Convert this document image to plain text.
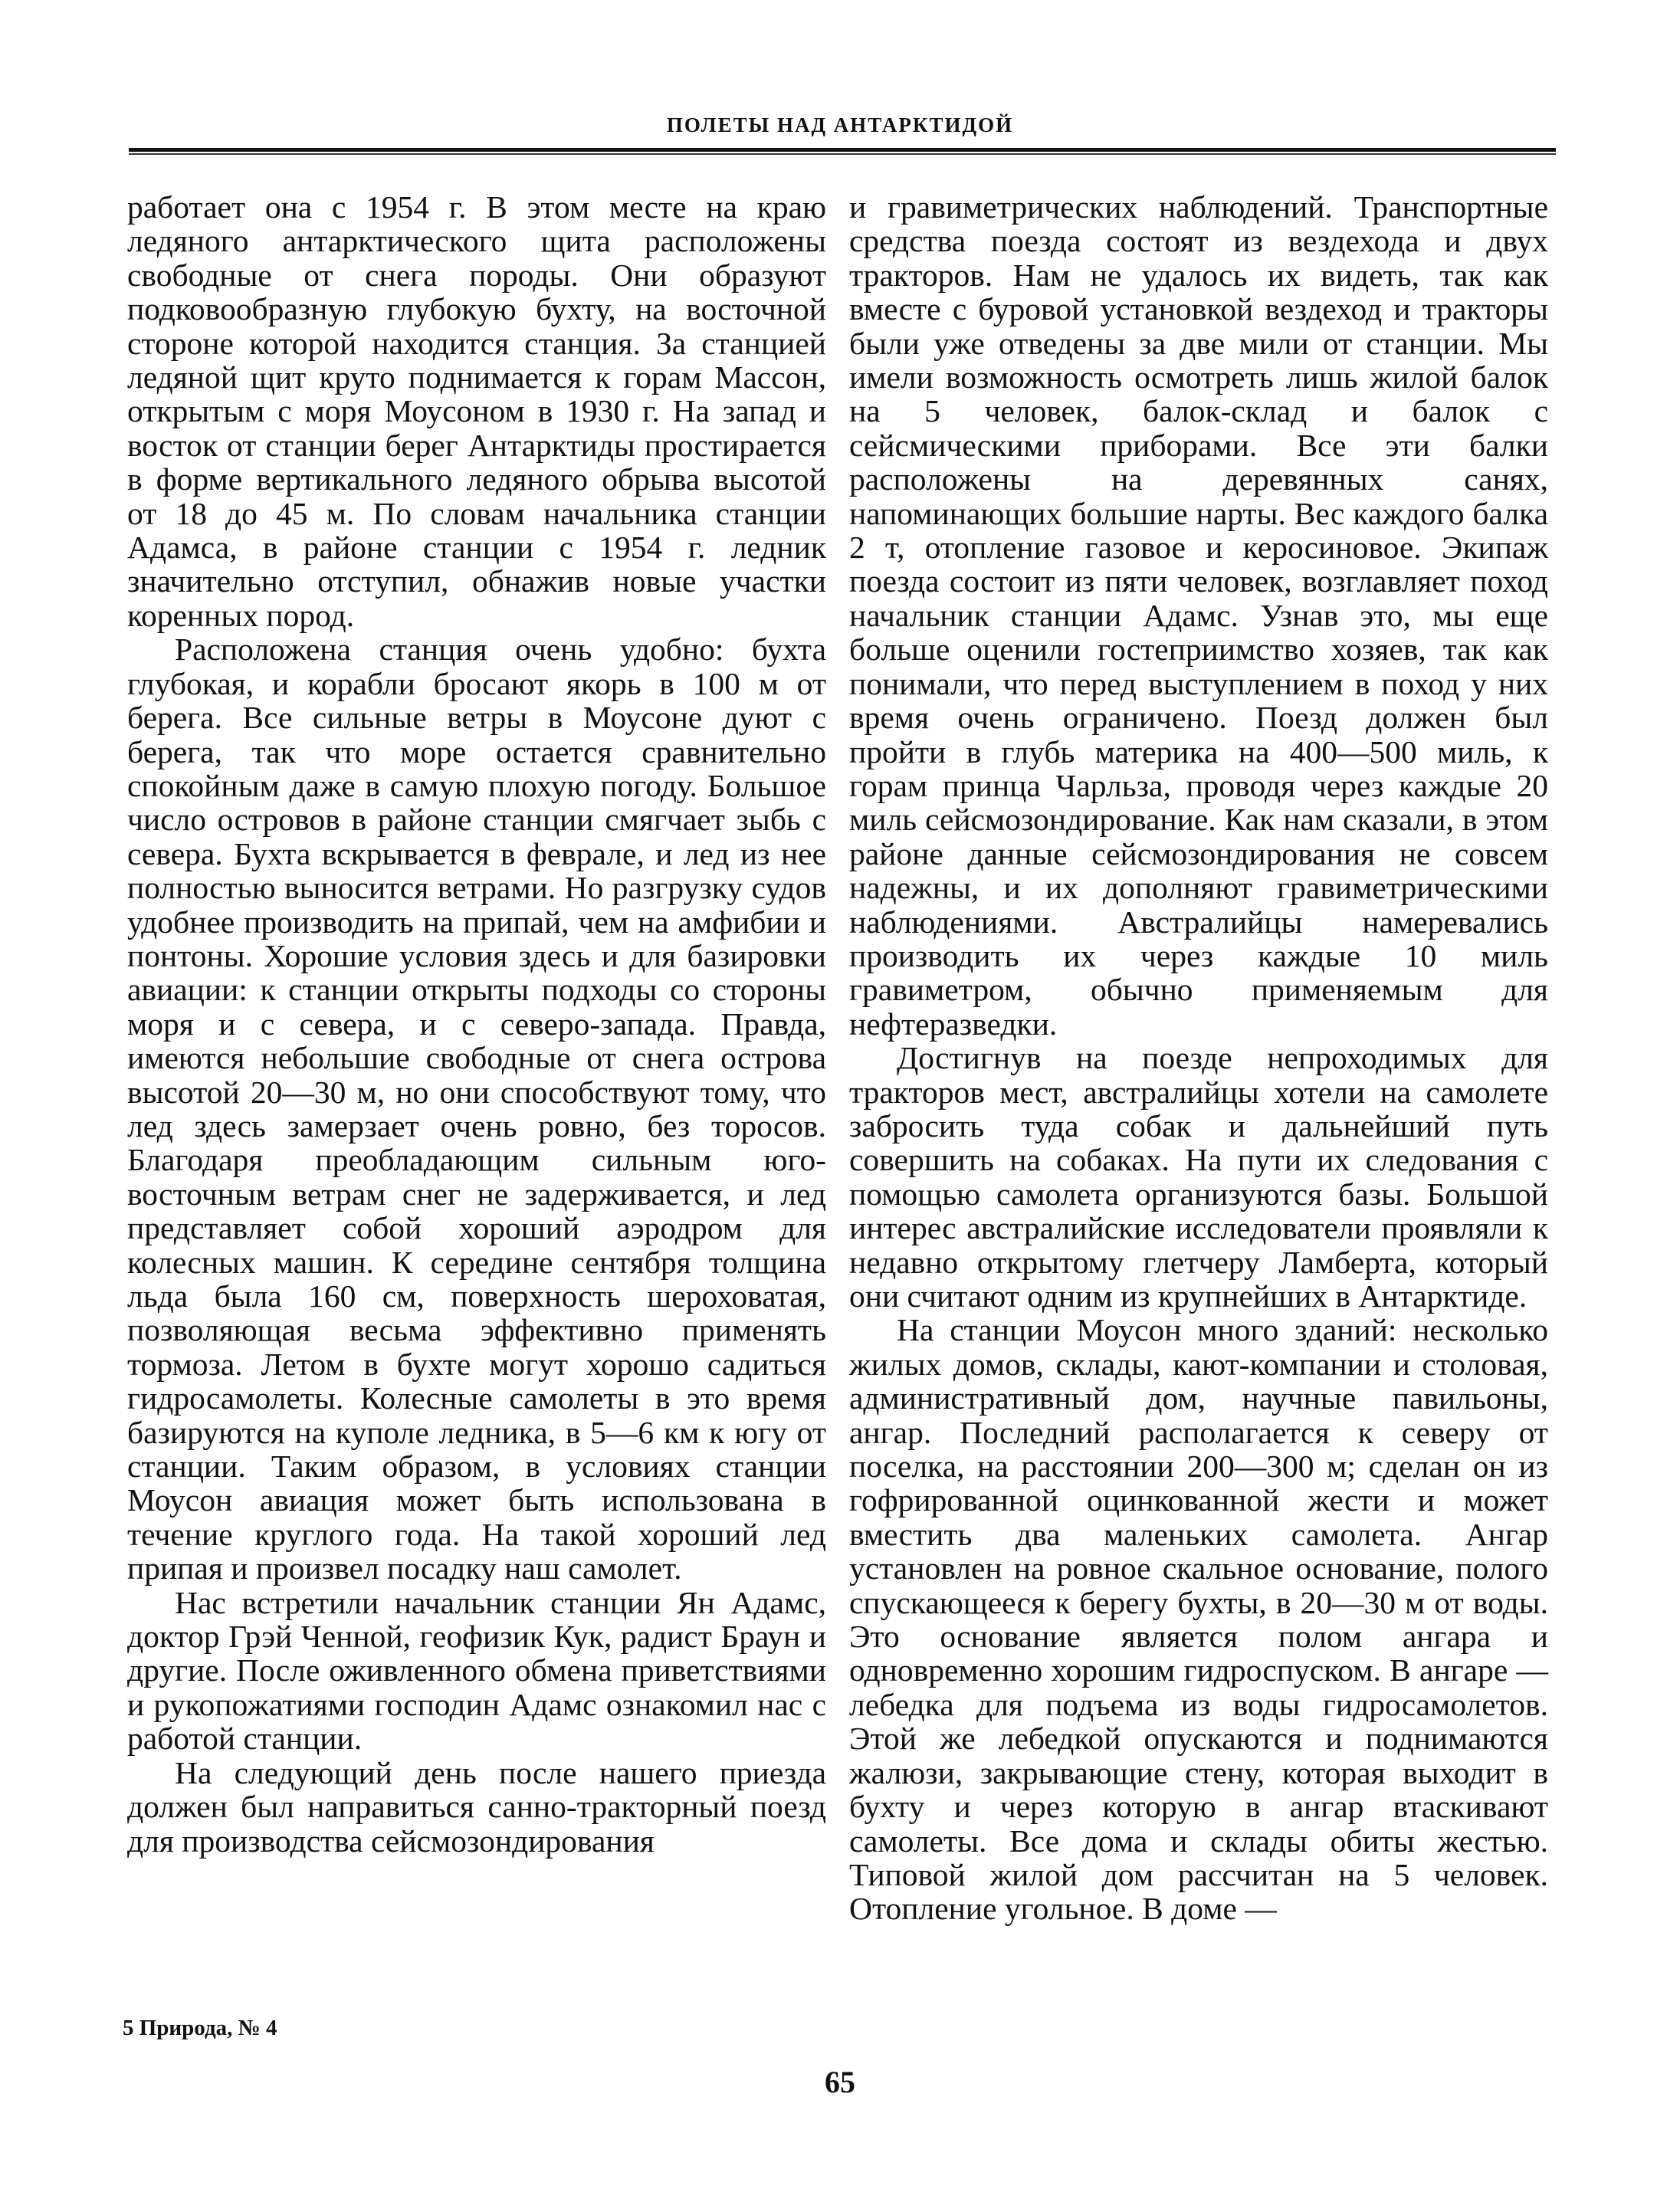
ПОЛЕТЫ НАД АНТАРКТИДОЙ

работает она с 1954 г. В этом месте на краю ледяного антарктического щита расположены свободные от снега породы. Они образуют подковообразную глубокую бухту, на восточной стороне которой находится станция. За станцией ледяной щит круто поднимается к горам Массон, открытым с моря Моусоном в 1930 г. На запад и восток от станции берег Антарктиды простирается в форме вертикального ледяного обрыва высотой от 18 до 45 м. По словам начальника станции Адамса, в районе станции с 1954 г. ледник значительно отступил, обнажив новые участки коренных пород.

Расположена станция очень удобно: бухта глубокая, и корабли бросают якорь в 100 м от берега. Все сильные ветры в Моусоне дуют с берега, так что море остается сравнительно спокойным даже в самую плохую погоду. Большое число островов в районе станции смягчает зыбь с севера. Бухта вскрывается в феврале, и лед из нее полностью выносится ветрами. Но разгрузку судов удобнее производить на припай, чем на амфибии и понтоны. Хорошие условия здесь и для базировки авиации: к станции открыты подходы со стороны моря и с севера, и с северо-запада. Правда, имеются небольшие свободные от снега острова высотой 20—30 м, но они способствуют тому, что лед здесь замерзает очень ровно, без торосов. Благодаря преобладающим сильным юго-восточным ветрам снег не задерживается, и лед представляет собой хороший аэродром для колесных машин. К середине сентября толщина льда была 160 см, поверхность шероховатая, позволяющая весьма эффективно применять тормоза. Летом в бухте могут хорошо садиться гидросамолеты. Колесные самолеты в это время базируются на куполе ледника, в 5—6 км к югу от станции. Таким образом, в условиях станции Моусон авиация может быть использована в течение круглого года. На такой хороший лед припая и произвел посадку наш самолет.

Нас встретили начальник станции Ян Адамс, доктор Грэй Ченной, геофизик Кук, радист Браун и другие. После оживленного обмена приветствиями и рукопожатиями господин Адамс ознакомил нас с работой станции.

На следующий день после нашего приезда должен был направиться санно-тракторный поезд для производства сейсмозондирования

и гравиметрических наблюдений. Транспортные средства поезда состоят из вездехода и двух тракторов. Нам не удалось их видеть, так как вместе с буровой установкой вездеход и тракторы были уже отведены за две мили от станции. Мы имели возможность осмотреть лишь жилой балок на 5 человек, балок-склад и балок с сейсмическими приборами. Все эти балки расположены на деревянных санях, напоминающих большие нарты. Вес каждого балка 2 т, отопление газовое и керосиновое. Экипаж поезда состоит из пяти человек, возглавляет поход начальник станции Адамс. Узнав это, мы еще больше оценили гостеприимство хозяев, так как понимали, что перед выступлением в поход у них время очень ограничено. Поезд должен был пройти в глубь материка на 400—500 миль, к горам принца Чарльза, проводя через каждые 20 миль сейсмозондирование. Как нам сказали, в этом районе данные сейсмозондирования не совсем надежны, и их дополняют гравиметрическими наблюдениями. Австралийцы намеревались производить их через каждые 10 миль гравиметром, обычно применяемым для нефтеразведки.

Достигнув на поезде непроходимых для тракторов мест, австралийцы хотели на самолете забросить туда собак и дальнейший путь совершить на собаках. На пути их следования с помощью самолета организуются базы. Большой интерес австралийские исследователи проявляли к недавно открытому глетчеру Ламберта, который они считают одним из крупнейших в Антарктиде.

На станции Моусон много зданий: несколько жилых домов, склады, кают-компании и столовая, административный дом, научные павильоны, ангар. Последний располагается к северу от поселка, на расстоянии 200—300 м; сделан он из гофрированной оцинкованной жести и может вместить два маленьких самолета. Ангар установлен на ровное скальное основание, полого спускающееся к берегу бухты, в 20—30 м от воды. Это основание является полом ангара и одновременно хорошим гидроспуском. В ангаре — лебедка для подъема из воды гидросамолетов. Этой же лебедкой опускаются и поднимаются жалюзи, закрывающие стену, которая выходит в бухту и через которую в ангар втаскивают самолеты. Все дома и склады обиты жестью. Типовой жилой дом рассчитан на 5 человек. Отопление угольное. В доме —

5 Природа, № 4
65
